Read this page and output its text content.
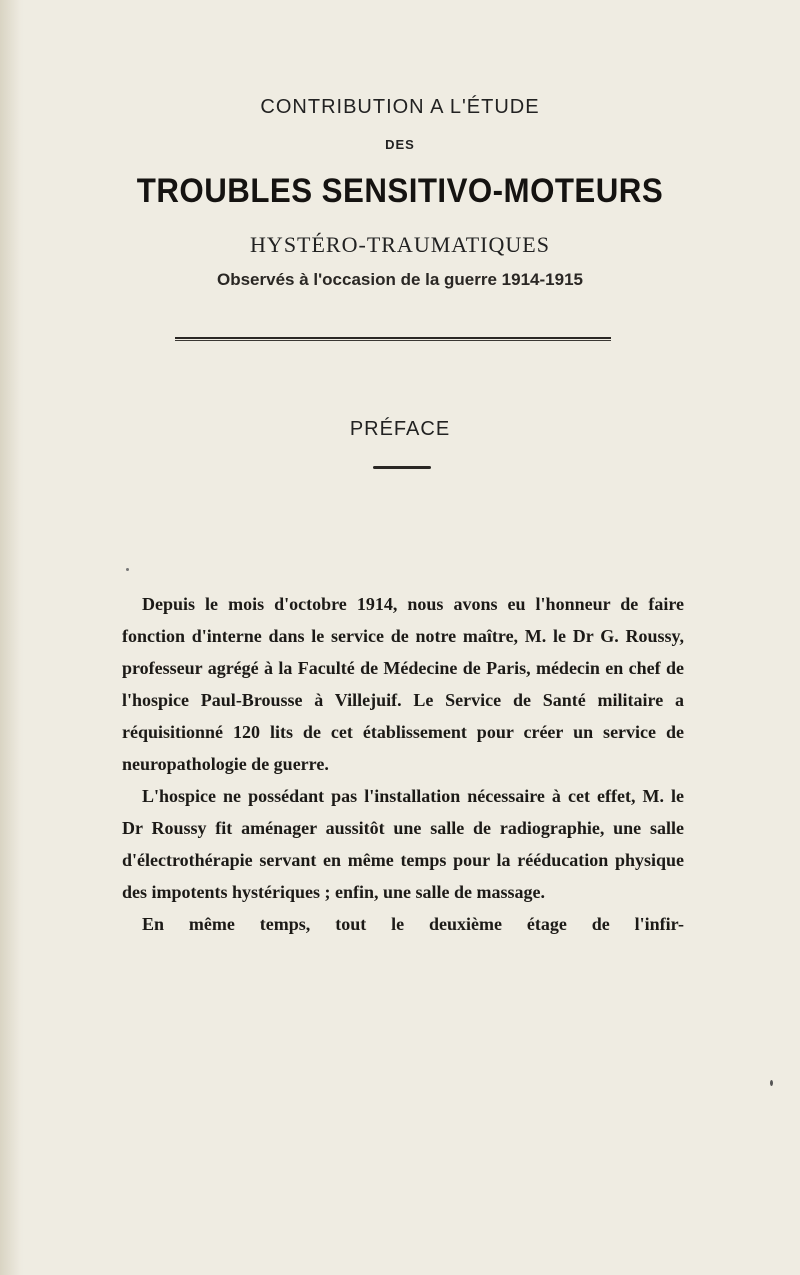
CONTRIBUTION A L'ÉTUDE
DES
TROUBLES SENSITIVO-MOTEURS
HYSTÉRO-TRAUMATIQUES
Observés à l'occasion de la guerre 1914-1915
PRÉFACE

Depuis le mois d'octobre 1914, nous avons eu l'honneur de faire fonction d'interne dans le service de notre maître, M. le Dr G. Roussy, professeur agrégé à la Faculté de Médecine de Paris, médecin en chef de l'hospice Paul-Brousse à Villejuif. Le Service de Santé militaire a réquisitionné 120 lits de cet établissement pour créer un service de neuropathologie de guerre.

L'hospice ne possédant pas l'installation nécessaire à cet effet, M. le Dr Roussy fit aménager aussitôt une salle de radiographie, une salle d'électrothérapie servant en même temps pour la rééducation physique des impotents hystériques ; enfin, une salle de massage.

En même temps, tout le deuxième étage de l'infir-
